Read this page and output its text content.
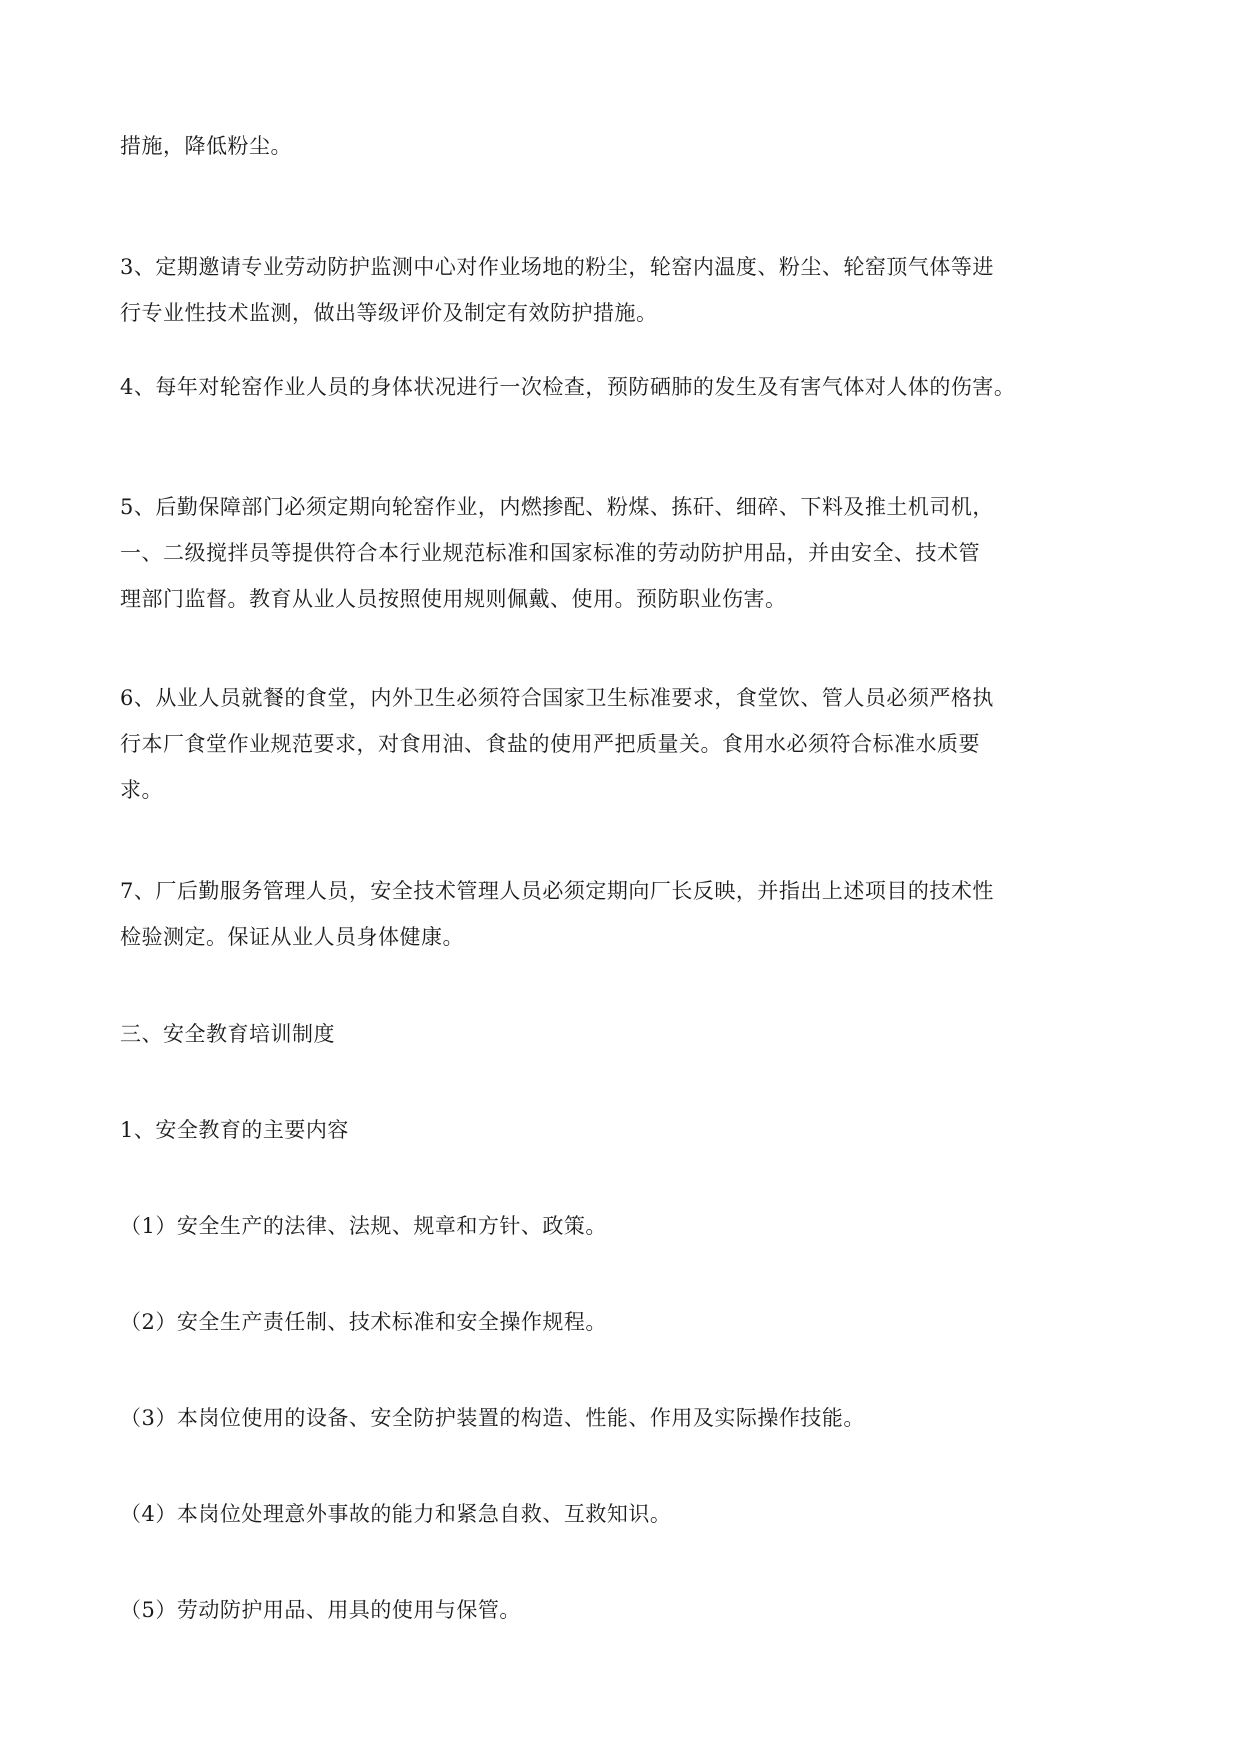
措施，降低粉尘。

3、定期邀请专业劳动防护监测中心对作业场地的粉尘，轮窑内温度、粉尘、轮窑顶气体等进
行专业性技术监测，做出等级评价及制定有效防护措施。

4、每年对轮窑作业人员的身体状况进行一次检查，预防硒肺的发生及有害气体对人体的伤害。

5、后勤保障部门必须定期向轮窑作业，内燃掺配、粉煤、拣矸、细碎、下料及推土机司机，
一、二级搅拌员等提供符合本行业规范标准和国家标准的劳动防护用品，并由安全、技术管
理部门监督。教育从业人员按照使用规则佩戴、使用。预防职业伤害。

6、从业人员就餐的食堂，内外卫生必须符合国家卫生标准要求，食堂饮、管人员必须严格执
行本厂食堂作业规范要求，对食用油、食盐的使用严把质量关。食用水必须符合标准水质要
求。

7、厂后勤服务管理人员，安全技术管理人员必须定期向厂长反映，并指出上述项目的技术性
检验测定。保证从业人员身体健康。

三、安全教育培训制度

1、安全教育的主要内容

（1）安全生产的法律、法规、规章和方针、政策。

（2）安全生产责任制、技术标准和安全操作规程。

（3）本岗位使用的设备、安全防护装置的构造、性能、作用及实际操作技能。

（4）本岗位处理意外事故的能力和紧急自救、互救知识。

（5）劳动防护用品、用具的使用与保管。
